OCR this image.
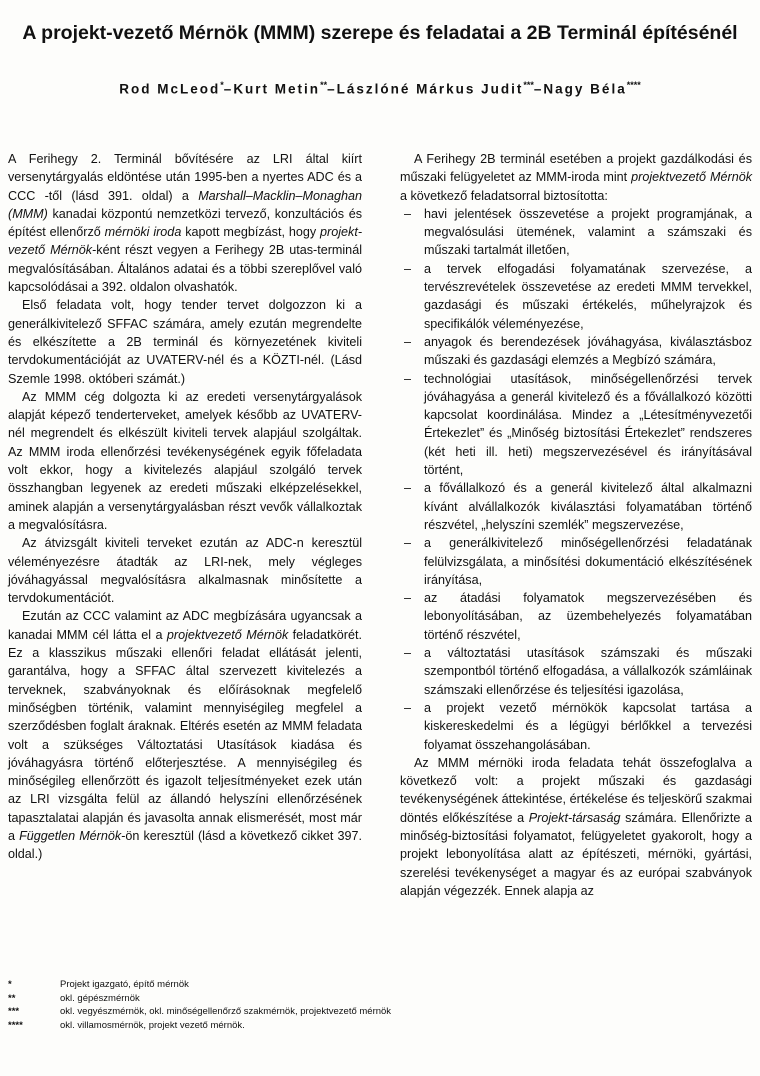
A projekt-vezető Mérnök (MMM) szerepe és feladatai a 2B Terminál építésénél
Rod McLeod*–Kurt Metin**–Lászlóné Márkus Judit***–Nagy Béla****

A Ferihegy 2. Terminál bővítésére az LRI által kiírt versenytárgyalás eldöntése után 1995-ben a nyertes ADC és a CCC -től (lásd 391. oldal) a Marshall–Macklin–Monaghan (MMM) kanadai központú nemzetközi tervező, konzultációs és építést ellenőrző mérnöki iroda kapott megbízást, hogy projekt-vezető Mérnök-ként részt vegyen a Ferihegy 2B utas-terminál megvalósításában. Általános adatai és a többi szereplővel való kapcsolódásai a 392. oldalon olvashatók.

Első feladata volt, hogy tender tervet dolgozzon ki a generálkivitelező SFFAC számára, amely ezután megrendelte és elkészítette a 2B terminál és környezetének kiviteli tervdokumentációját az UVATERV-nél és a KÖZTI-nél. (Lásd Szemle 1998. októberi számát.)

Az MMM cég dolgozta ki az eredeti versenytárgyalások alapját képező tenderterveket, amelyek később az UVATERV-nél megrendelt és elkészült kiviteli tervek alapjául szolgáltak. Az MMM iroda ellenőrzési tevékenységének egyik főfeladata volt ekkor, hogy a kivitelezés alapjául szolgáló tervek összhangban legyenek az eredeti műszaki elképzelésekkel, aminek alapján a versenytárgyalásban részt vevők vállalkoztak a megvalósításra.

Az átvizsgált kiviteli terveket ezután az ADC-n keresztül véleményezésre átadták az LRI-nek, mely végleges jóváhagyással megvalósításra alkalmasnak minősítette a tervdokumentációt.

Ezután az CCC valamint az ADC megbízására ugyancsak a kanadai MMM cél látta el a projektvezető Mérnök feladatkörét. Ez a klasszikus műszaki ellenőri feladat ellátását jelenti, garantálva, hogy a SFFAC által szervezett kivitelezés a terveknek, szabványoknak és előírásoknak megfelelő minőségben történik, valamint mennyiségileg megfelel a szerződésben foglalt áraknak. Eltérés esetén az MMM feladata volt a szükséges Változtatási Utasítások kiadása és jóváhagyásra történő előterjesztése. A mennyiségileg és minőségileg ellenőrzött és igazolt teljesítményeket ezek után az LRI vizsgálta felül az állandó helyszíni ellenőrzésének tapasztalatai alapján és javasolta annak elismerését, most már a Független Mérnök-ön keresztül (lásd a következő cikket 397. oldal.)

A Ferihegy 2B terminál esetében a projekt gazdálkodási és műszaki felügyeletet az MMM-iroda mint projektvezető Mérnök a következő feladatsorral biztosította:

– havi jelentések összevetése a projekt programjának, a megvalósulási ütemének, valamint a számszaki és műszaki tartalmát illetően,
– a tervek elfogadási folyamatának szervezése, a tervészrevételek összevetése az eredeti MMM tervekkel, gazdasági és műszaki értékelés, műhelyrajzok és specifikálók véleményezése,
– anyagok és berendezések jóváhagyása, kiválasztásboz műszaki és gazdasági elemzés a Megbízó számára,
– technológiai utasítások, minőségellenőrzési tervek jóváhagyása a generál kivitelező és a fővállalkozó közötti kapcsolat koordinálása. Mindez a „Létesítményvezetői Értekezlet” és „Minőség biztosítási Értekezlet” rendszeres (két heti ill. heti) megszervezésével és irányításával történt,
– a fővállalkozó és a generál kivitelező által alkalmazni kívánt alvállalkozók kiválasztási folyamatában történő részvétel, „helyszíni szemlék” megszervezése,
– a generálkivitelező minőségellenőrzési feladatának felülvizsgálata, a minősítési dokumentáció elkészítésének irányítása,
– az átadási folyamatok megszervezésében és lebonyolításában, az üzembehelyezés folyamatában történő részvétel,
– a változtatási utasítások számszaki és műszaki szempontból történő elfogadása, a vállalkozók számláinak számszaki ellenőrzése és teljesítési igazolása,
– a projekt vezető mérnökök kapcsolat tartása a kiskereskedelmi és a légügyi bérlőkkel a tervezési folyamat összehangolásában.

Az MMM mérnöki iroda feladata tehát összefoglalva a következő volt: a projekt műszaki és gazdasági tevékenységének áttekintése, értékelése és teljeskörű szakmai döntés előkészítése a Projekt-társaság számára. Ellenőrizte a minőség-biztosítási folyamatot, felügyeletet gyakorolt, hogy a projekt lebonyolítása alatt az építészeti, mérnöki, gyártási, szerelési tevékenységet a magyar és az európai szabványok alapján végezzék. Ennek alapja az

*	Projekt igazgató, építő mérnök
**	okl. gépészmérnök
***	okl. vegyészmérnök, okl. minőségellenőrző szakmérnök, projektvezető mérnök
****	okl. villamosmérnök, projekt vezető mérnök.
